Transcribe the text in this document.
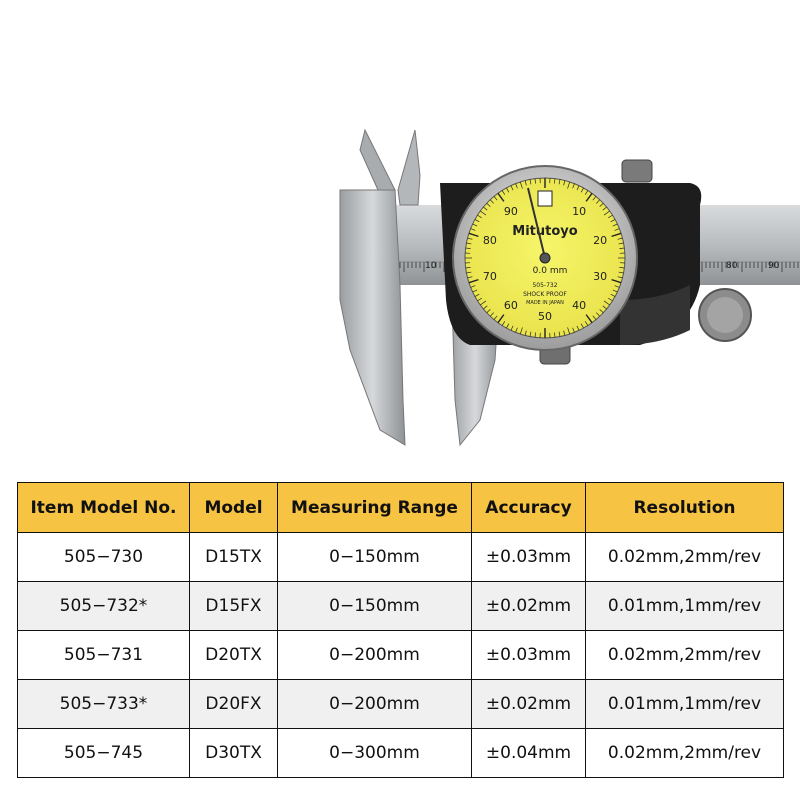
10	80	90
10
20
30
40
50
60
70
80
90
Mitutoyo
0.0 mm
505-732
SHOCK PROOF
MADE IN JAPAN
Item Model No.	Model	Measuring Range	Accuracy	Resolution
505−730	D15TX	0−150mm	±0.03mm	0.02mm,2mm/rev
505−732*	D15FX	0−150mm	±0.02mm	0.01mm,1mm/rev
505−731	D20TX	0−200mm	±0.03mm	0.02mm,2mm/rev
505−733*	D20FX	0−200mm	±0.02mm	0.01mm,1mm/rev
505−745	D30TX	0−300mm	±0.04mm	0.02mm,2mm/rev
